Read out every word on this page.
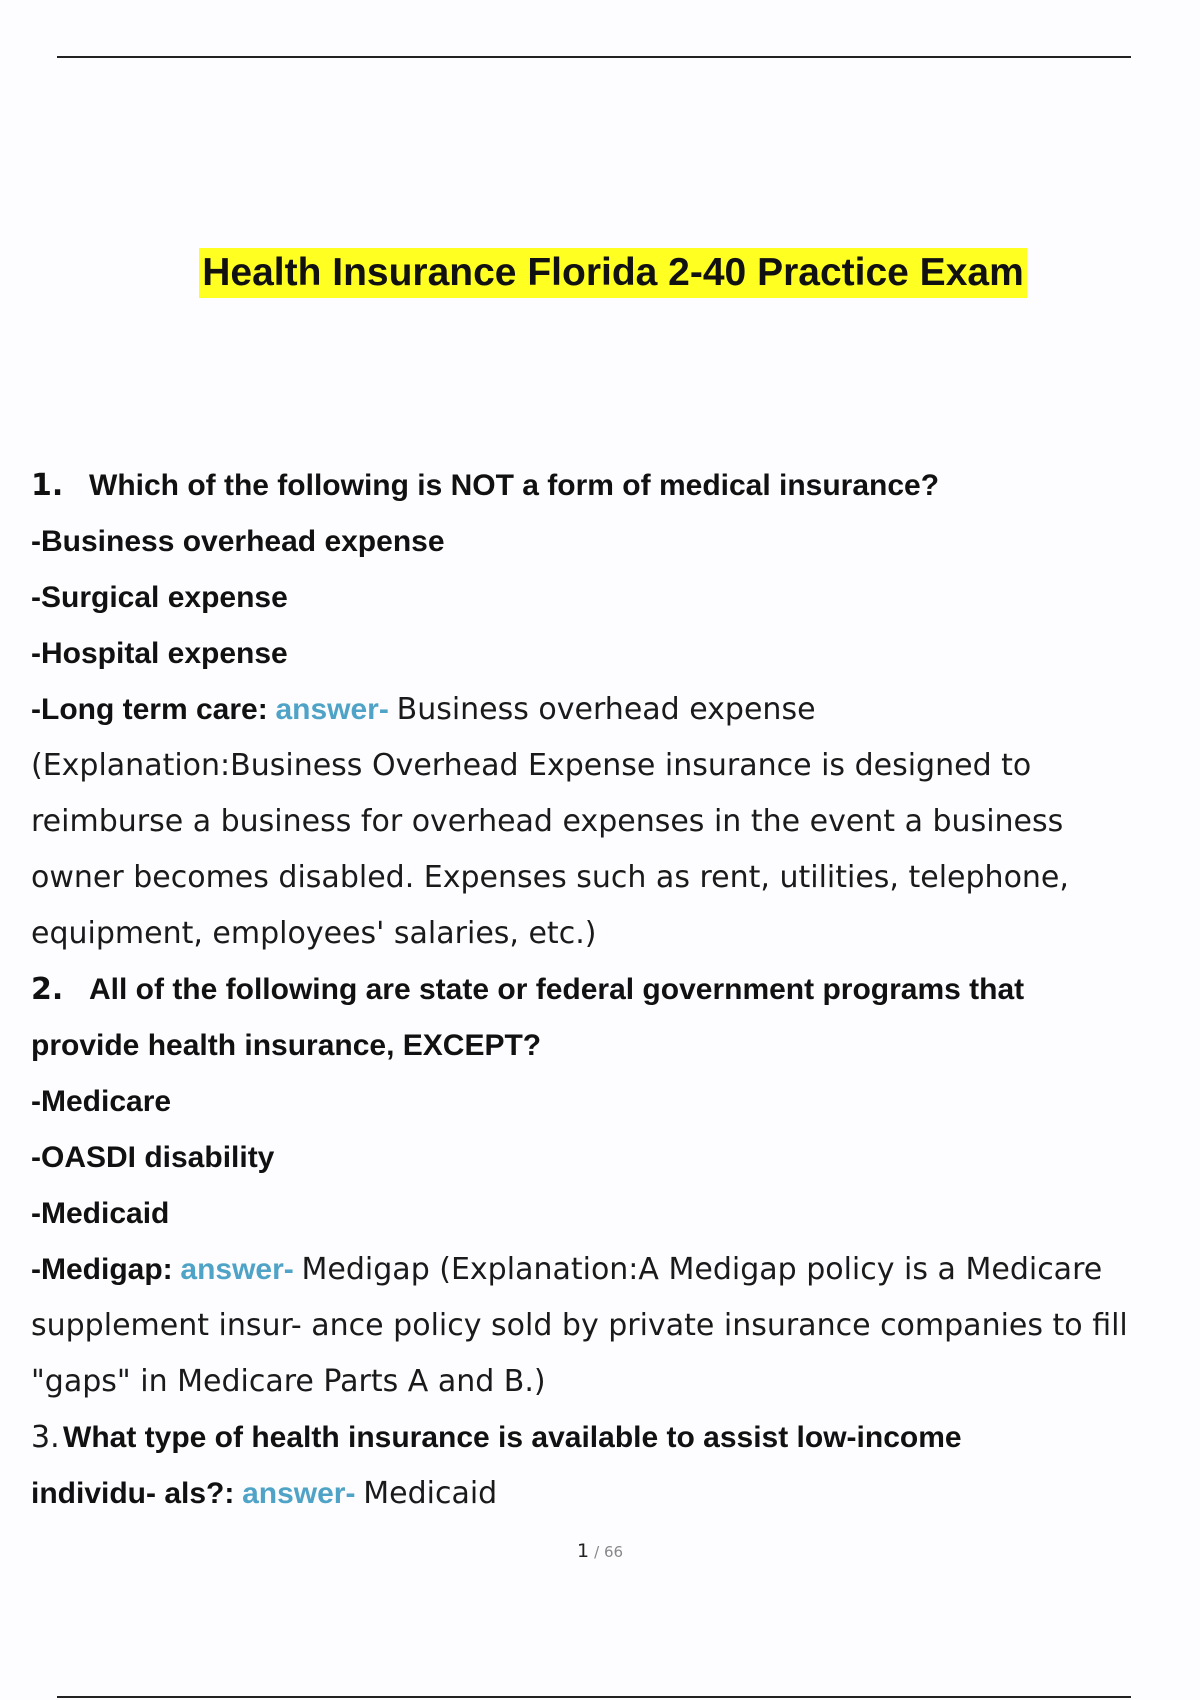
Health Insurance Florida 2-40 Practice Exam
1. Which of the following is NOT a form of medical insurance?
-Business overhead expense
-Surgical expense
-Hospital expense
-Long term care: answer- Business overhead expense
(Explanation:Business Overhead Expense insurance is designed to
reimburse a business for overhead expenses in the event a business
owner becomes disabled. Expenses such as rent, utilities, telephone,
equipment, employees' salaries, etc.)
2. All of the following are state or federal government programs that
provide health insurance, EXCEPT?
-Medicare
-OASDI disability
-Medicaid
-Medigap: answer- Medigap (Explanation:A Medigap policy is a Medicare
supplement insur- ance policy sold by private insurance companies to fill
"gaps" in Medicare Parts A and B.)
3. What type of health insurance is available to assist low-income
individu- als?: answer- Medicaid
1 / 66
